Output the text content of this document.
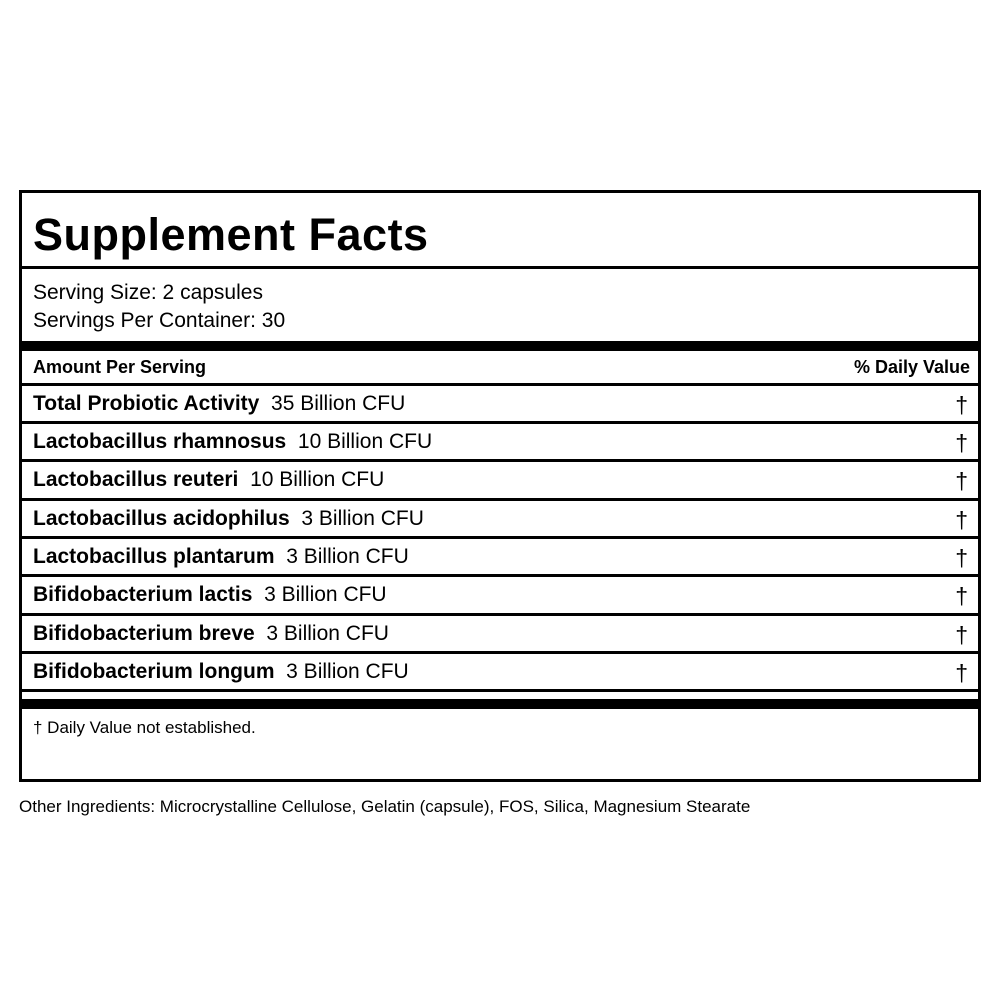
Supplement Facts
Serving Size: 2 capsules
Servings Per Container: 30
Amount Per Serving	% Daily Value
Total Probiotic Activity 35 Billion CFU	†
Lactobacillus rhamnosus 10 Billion CFU	†
Lactobacillus reuteri 10 Billion CFU	†
Lactobacillus acidophilus 3 Billion CFU	†
Lactobacillus plantarum 3 Billion CFU	†
Bifidobacterium lactis 3 Billion CFU	†
Bifidobacterium breve 3 Billion CFU	†
Bifidobacterium longum 3 Billion CFU	†
† Daily Value not established.
Other Ingredients: Microcrystalline Cellulose, Gelatin (capsule), FOS, Silica, Magnesium Stearate
